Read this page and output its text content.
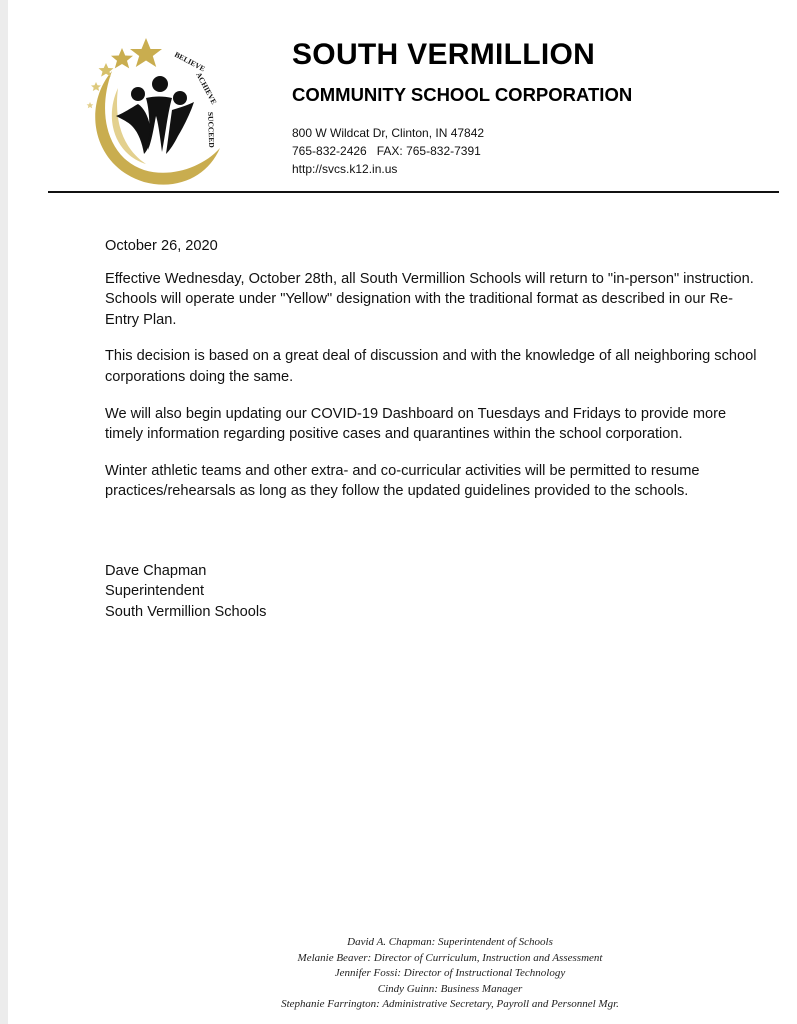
BELIEVE
ACHIEVE
SUCCEED
SOUTH VERMILLION
COMMUNITY SCHOOL CORPORATION
800 W Wildcat Dr, Clinton, IN 47842
765-832-2426   FAX: 765-832-7391
http://svcs.k12.in.us

October 26, 2020

Effective Wednesday, October 28th, all South Vermillion Schools will return to "in-person" instruction. Schools will operate under "Yellow" designation with the traditional format as described in our Re-Entry Plan.

This decision is based on a great deal of discussion and with the knowledge of all neighboring school corporations doing the same.

We will also begin updating our COVID-19 Dashboard on Tuesdays and Fridays to provide more timely information regarding positive cases and quarantines within the school corporation.

Winter athletic teams and other extra- and co-curricular activities will be permitted to resume practices/rehearsals as long as they follow the updated guidelines provided to the schools.

Dave Chapman
Superintendent
South Vermillion Schools
David A. Chapman: Superintendent of Schools
Melanie Beaver: Director of Curriculum, Instruction and Assessment
Jennifer Fossi: Director of Instructional Technology
Cindy Guinn: Business Manager
Stephanie Farrington: Administrative Secretary, Payroll and Personnel Mgr.
